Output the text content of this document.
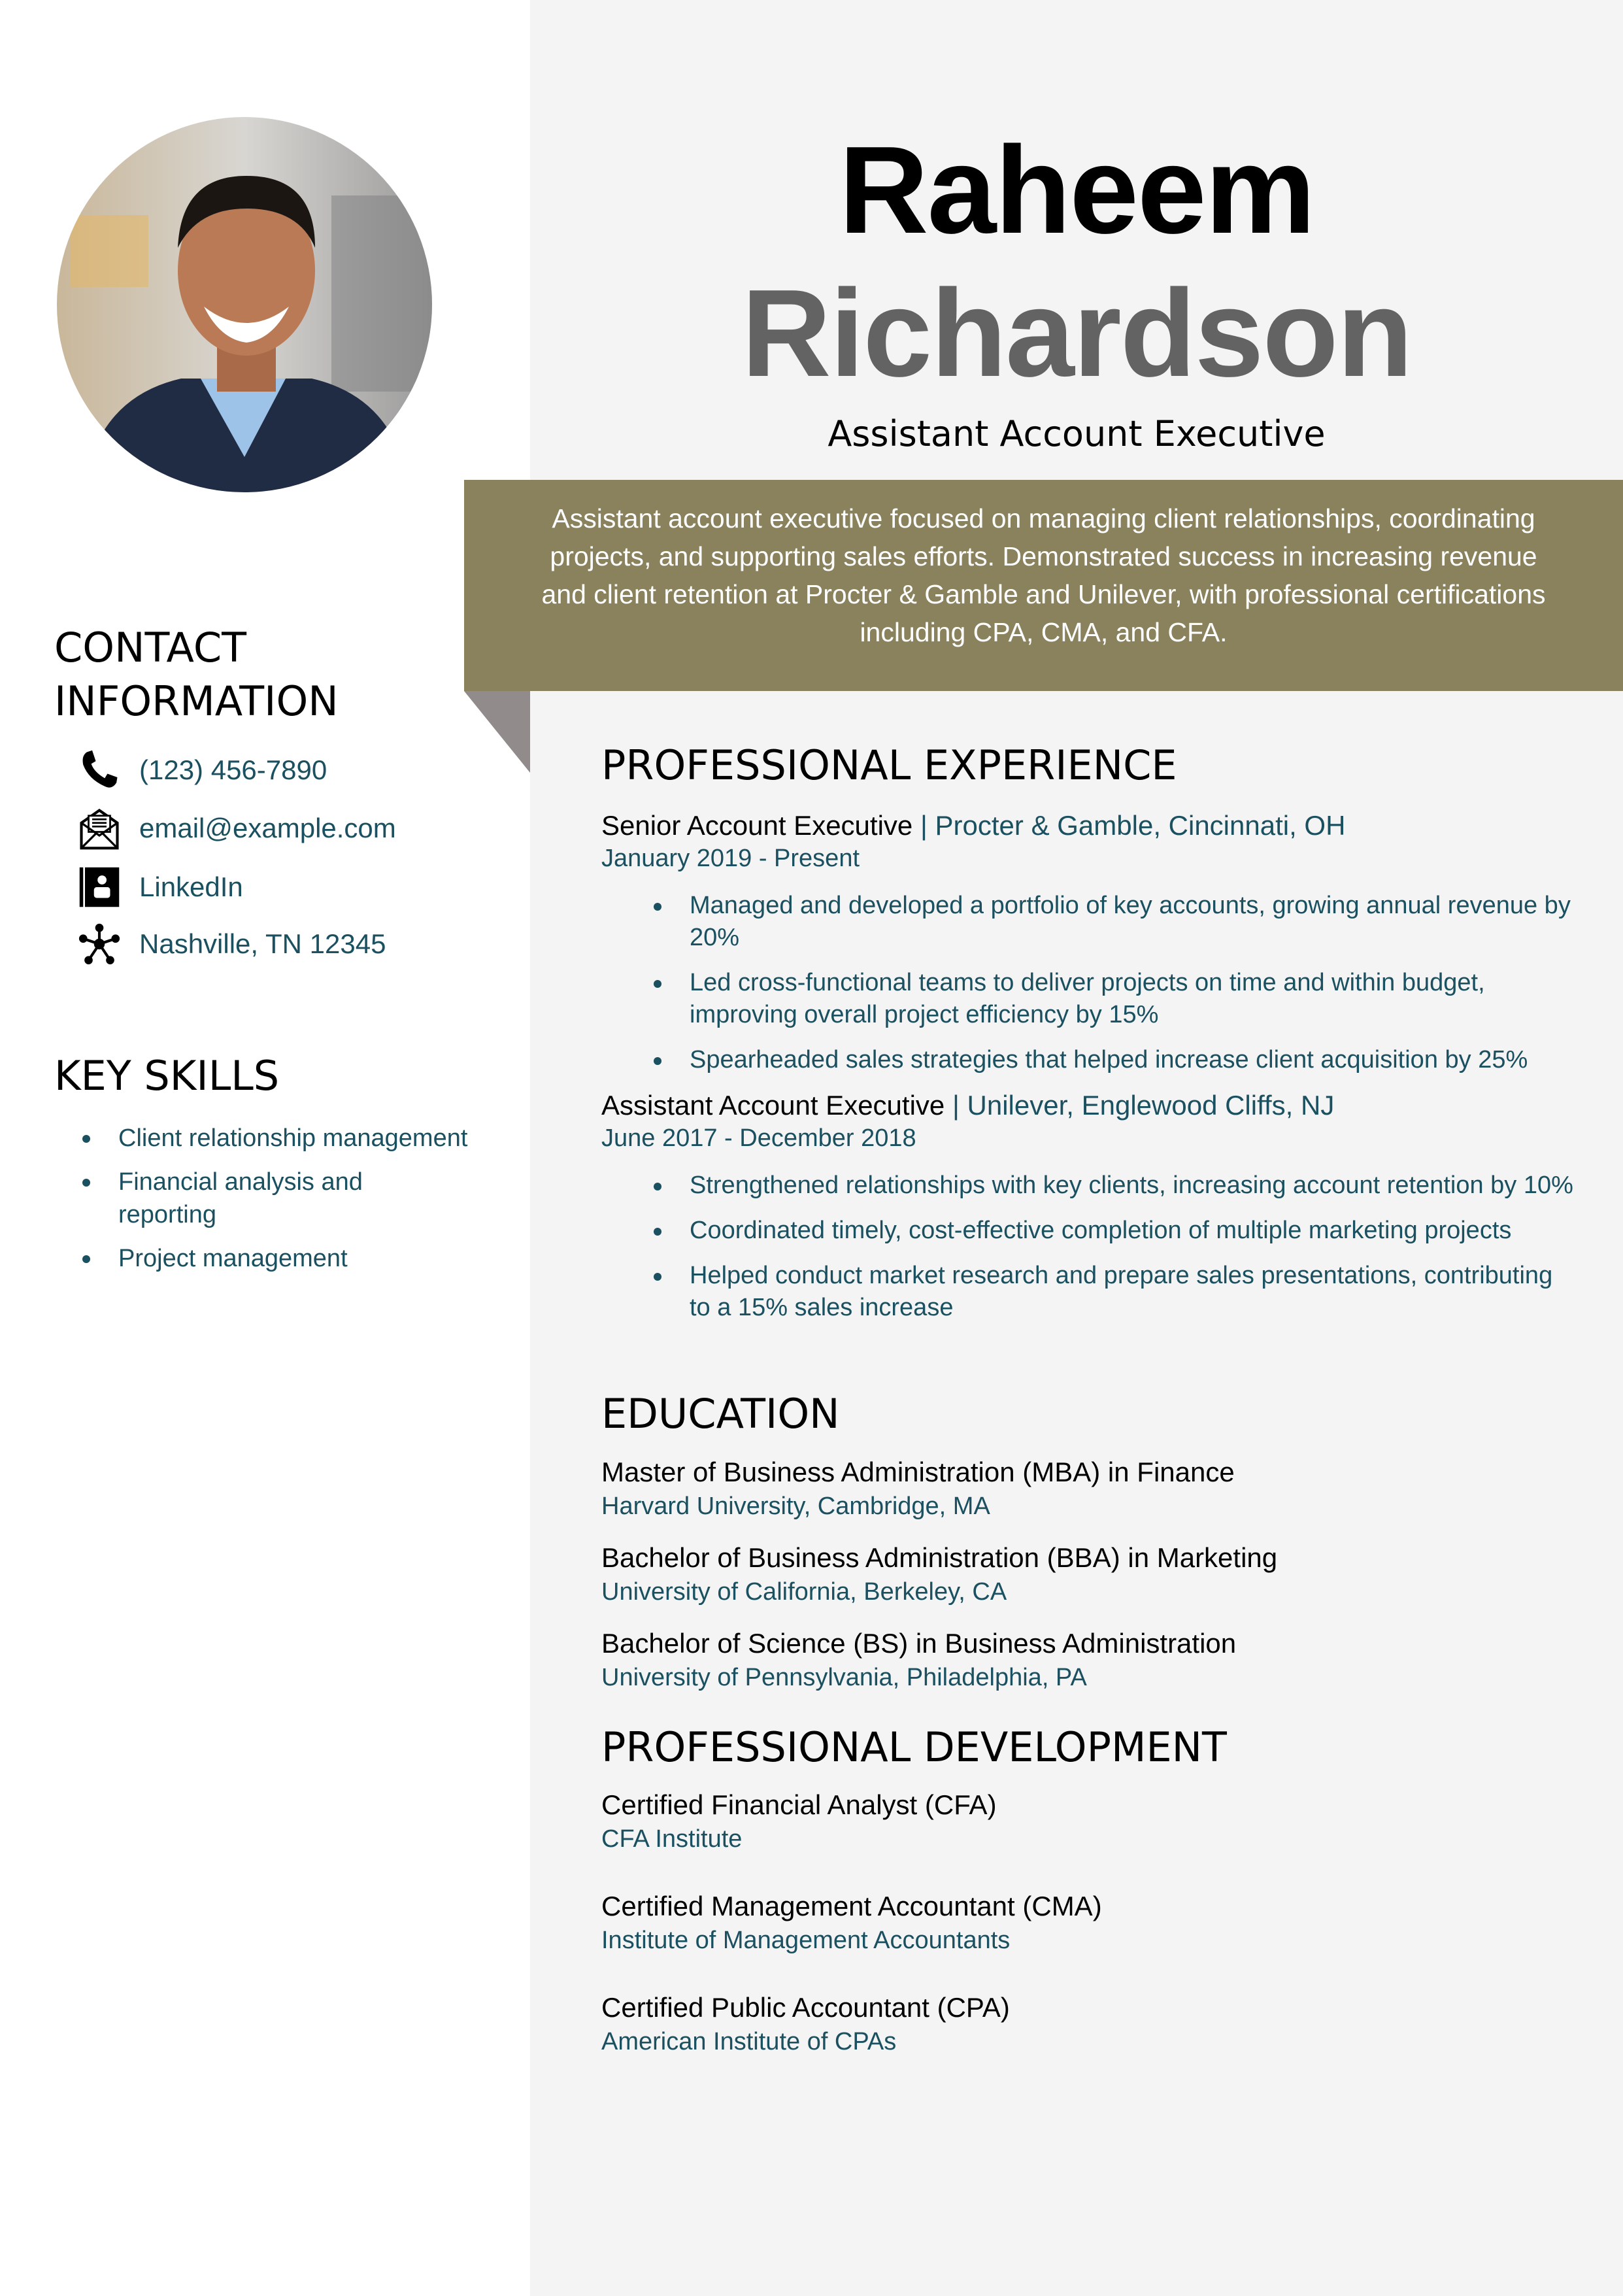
Raheem
Richardson
Assistant Account Executive
Assistant account executive focused on managing client relationships, coordinating projects, and supporting sales efforts. Demonstrated success in increasing revenue and client retention at Procter & Gamble and Unilever, with professional certifications including CPA, CMA, and CFA.
CONTACT INFORMATION
(123) 456-7890
email@example.com
LinkedIn
Nashville, TN 12345
KEY SKILLS
Client relationship management
Financial analysis and reporting
Project management
PROFESSIONAL EXPERIENCE
Senior Account Executive | Procter & Gamble, Cincinnati, OH
January 2019 - Present
Managed and developed a portfolio of key accounts, growing annual revenue by 20%
Led cross-functional teams to deliver projects on time and within budget, improving overall project efficiency by 15%
Spearheaded sales strategies that helped increase client acquisition by 25%
Assistant Account Executive | Unilever, Englewood Cliffs, NJ
June 2017 - December 2018
Strengthened relationships with key clients, increasing account retention by 10%
Coordinated timely, cost-effective completion of multiple marketing projects
Helped conduct market research and prepare sales presentations, contributing to a 15% sales increase
EDUCATION
Master of Business Administration (MBA) in Finance
Harvard University, Cambridge, MA
Bachelor of Business Administration (BBA) in Marketing
University of California, Berkeley, CA
Bachelor of Science (BS) in Business Administration
University of Pennsylvania, Philadelphia, PA
PROFESSIONAL DEVELOPMENT
Certified Financial Analyst (CFA)
CFA Institute
Certified Management Accountant (CMA)
Institute of Management Accountants
Certified Public Accountant (CPA)
American Institute of CPAs
